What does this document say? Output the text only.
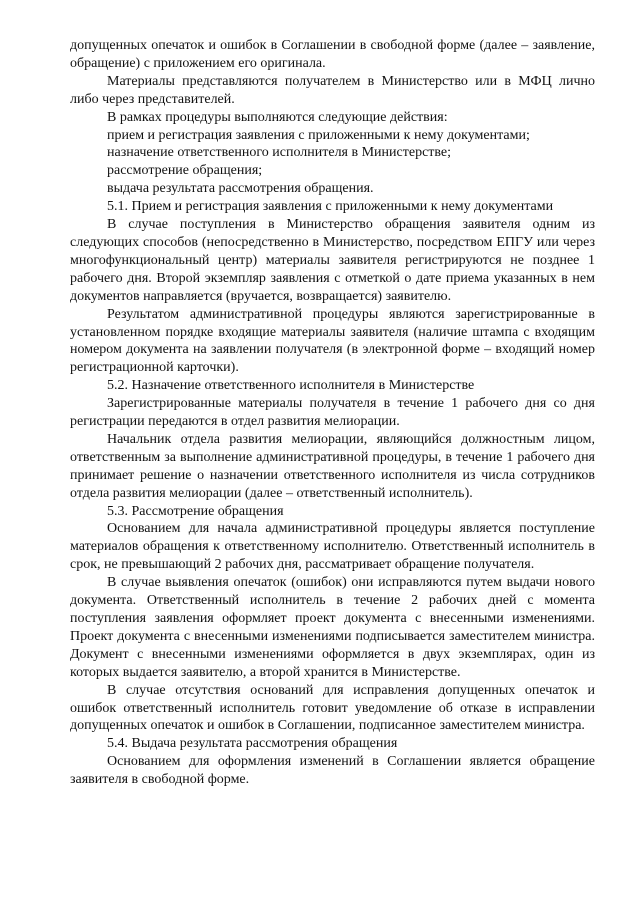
допущенных опечаток и ошибок в Соглашении в свободной форме (далее – заявление, обращение) с приложением его оригинала.

Материалы представляются получателем в Министерство или в МФЦ лично либо через представителей.

В рамках процедуры выполняются следующие действия:

прием и регистрация заявления с приложенными к нему документами;

назначение ответственного исполнителя в Министерстве;

рассмотрение обращения;

выдача результата рассмотрения обращения.

5.1. Прием и регистрация заявления с приложенными к нему документами

В случае поступления в Министерство обращения заявителя одним из следующих способов (непосредственно в Министерство, посредством ЕПГУ или через многофункциональный центр) материалы заявителя регистрируются не позднее 1 рабочего дня. Второй экземпляр заявления с отметкой о дате приема указанных в нем документов направляется (вручается, возвращается) заявителю.

Результатом административной процедуры являются зарегистрированные в установленном порядке входящие материалы заявителя (наличие штампа с входящим номером документа на заявлении получателя (в электронной форме – входящий номер регистрационной карточки).

5.2. Назначение ответственного исполнителя в Министерстве

Зарегистрированные материалы получателя в течение 1 рабочего дня со дня регистрации передаются в отдел развития мелиорации.

Начальник отдела развития мелиорации, являющийся должностным лицом, ответственным за выполнение административной процедуры, в течение 1 рабочего дня принимает решение о назначении ответственного исполнителя из числа сотрудников отдела развития мелиорации (далее – ответственный исполнитель).

5.3. Рассмотрение обращения

Основанием для начала административной процедуры является поступление материалов обращения к ответственному исполнителю. Ответственный исполнитель в срок, не превышающий 2 рабочих дня, рассматривает обращение получателя.

В случае выявления опечаток (ошибок) они исправляются путем выдачи нового документа. Ответственный исполнитель в течение 2 рабочих дней с момента поступления заявления оформляет проект документа с внесенными изменениями. Проект документа с внесенными изменениями подписывается заместителем министра. Документ с внесенными изменениями оформляется в двух экземплярах, один из которых выдается заявителю, а второй хранится в Министерстве.

В случае отсутствия оснований для исправления допущенных опечаток и ошибок ответственный исполнитель готовит уведомление об отказе в исправлении допущенных опечаток и ошибок в Соглашении, подписанное заместителем министра.

5.4. Выдача результата рассмотрения обращения

Основанием для оформления изменений в Соглашении является обращение заявителя в свободной форме.
